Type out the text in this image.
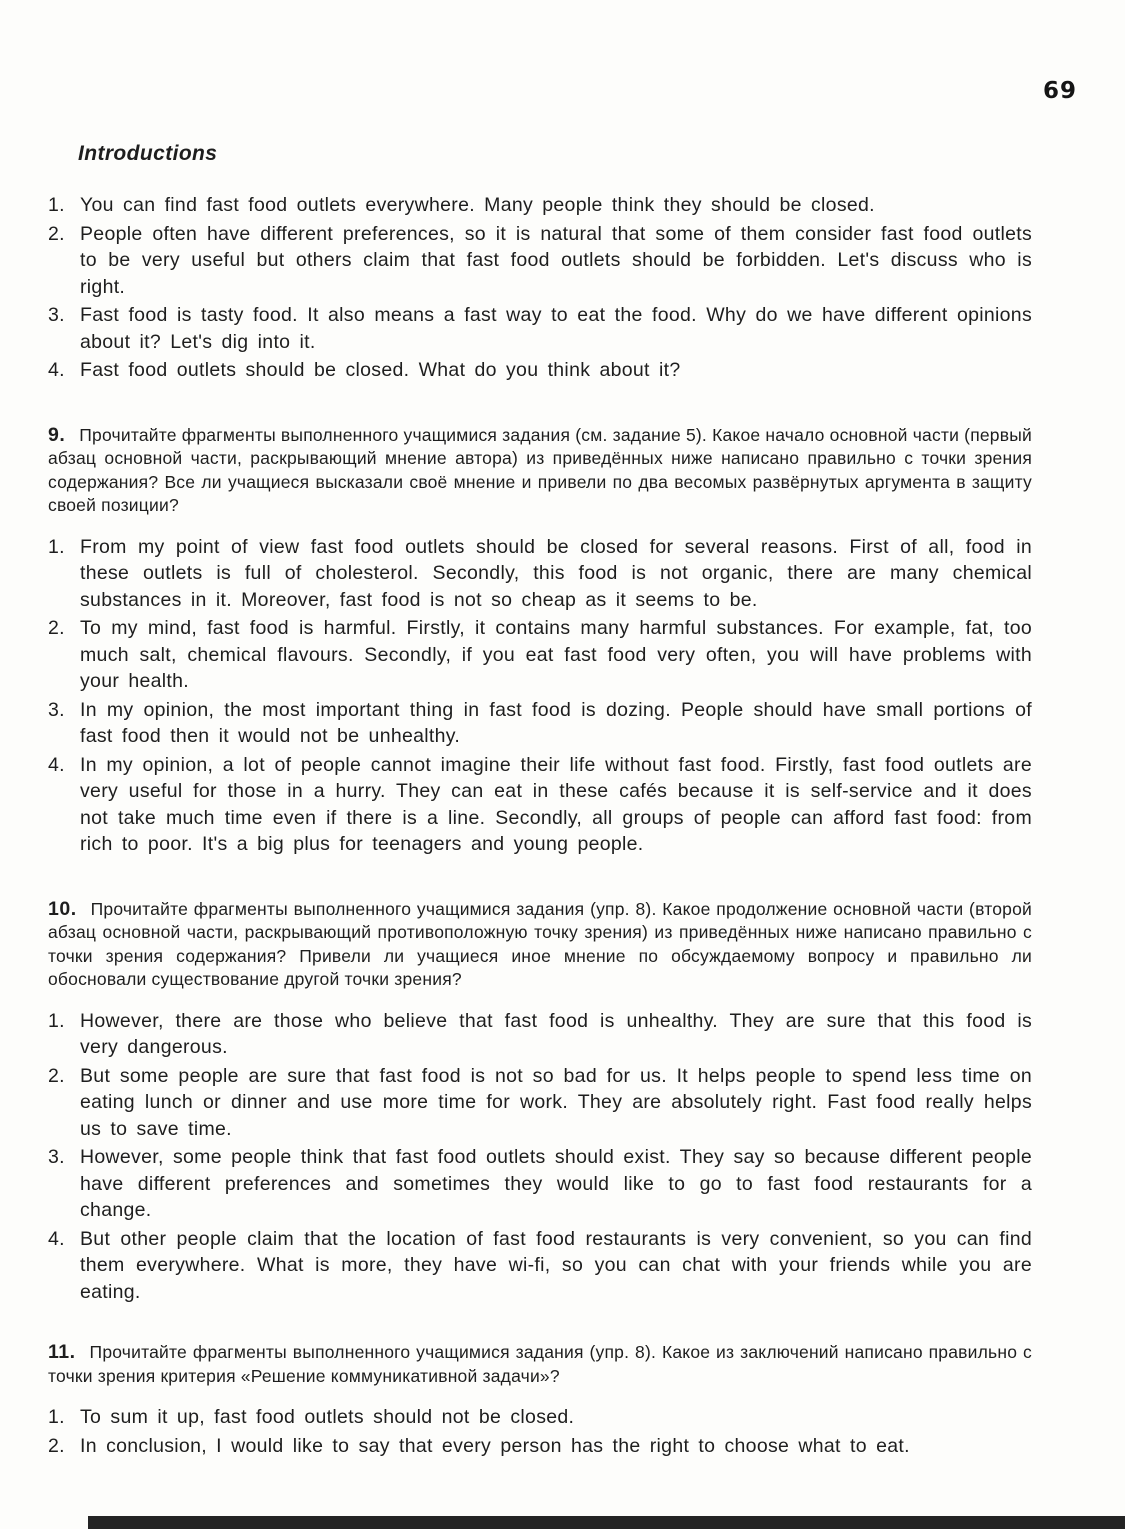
69
Introductions
1. You can find fast food outlets everywhere. Many people think they should be closed.
2. People often have different preferences, so it is natural that some of them consider fast food outlets to be very useful but others claim that fast food outlets should be forbidden. Let's discuss who is right.
3. Fast food is tasty food. It also means a fast way to eat the food. Why do we have different opinions about it? Let's dig into it.
4. Fast food outlets should be closed. What do you think about it?

9. Прочитайте фрагменты выполненного учащимися задания (см. задание 5). Какое начало основной части (первый абзац основной части, раскрывающий мнение автора) из приведённых ниже написано правильно с точки зрения содержания? Все ли учащиеся высказали своё мнение и привели по два весомых развёрнутых аргумента в защиту своей позиции?

1. From my point of view fast food outlets should be closed for several reasons. First of all, food in these outlets is full of cholesterol. Secondly, this food is not organic, there are many chemical substances in it. Moreover, fast food is not so cheap as it seems to be.
2. To my mind, fast food is harmful. Firstly, it contains many harmful substances. For example, fat, too much salt, chemical flavours. Secondly, if you eat fast food very often, you will have problems with your health.
3. In my opinion, the most important thing in fast food is dozing. People should have small portions of fast food then it would not be unhealthy.
4. In my opinion, a lot of people cannot imagine their life without fast food. Firstly, fast food outlets are very useful for those in a hurry. They can eat in these cafés because it is self-service and it does not take much time even if there is a line. Secondly, all groups of people can afford fast food: from rich to poor. It's a big plus for teenagers and young people.

10. Прочитайте фрагменты выполненного учащимися задания (упр. 8). Какое продолжение основной части (второй абзац основной части, раскрывающий противоположную точку зрения) из приведённых ниже написано правильно с точки зрения содержания? Привели ли учащиеся иное мнение по обсуждаемому вопросу и правильно ли обосновали существование другой точки зрения?

1. However, there are those who believe that fast food is unhealthy. They are sure that this food is very dangerous.
2. But some people are sure that fast food is not so bad for us. It helps people to spend less time on eating lunch or dinner and use more time for work. They are absolutely right. Fast food really helps us to save time.
3. However, some people think that fast food outlets should exist. They say so because different people have different preferences and sometimes they would like to go to fast food restaurants for a change.
4. But other people claim that the location of fast food restaurants is very convenient, so you can find them everywhere. What is more, they have wi-fi, so you can chat with your friends while you are eating.

11. Прочитайте фрагменты выполненного учащимися задания (упр. 8). Какое из заключений написано правильно с точки зрения критерия «Решение коммуникативной задачи»?

1. To sum it up, fast food outlets should not be closed.
2. In conclusion, I would like to say that every person has the right to choose what to eat.
